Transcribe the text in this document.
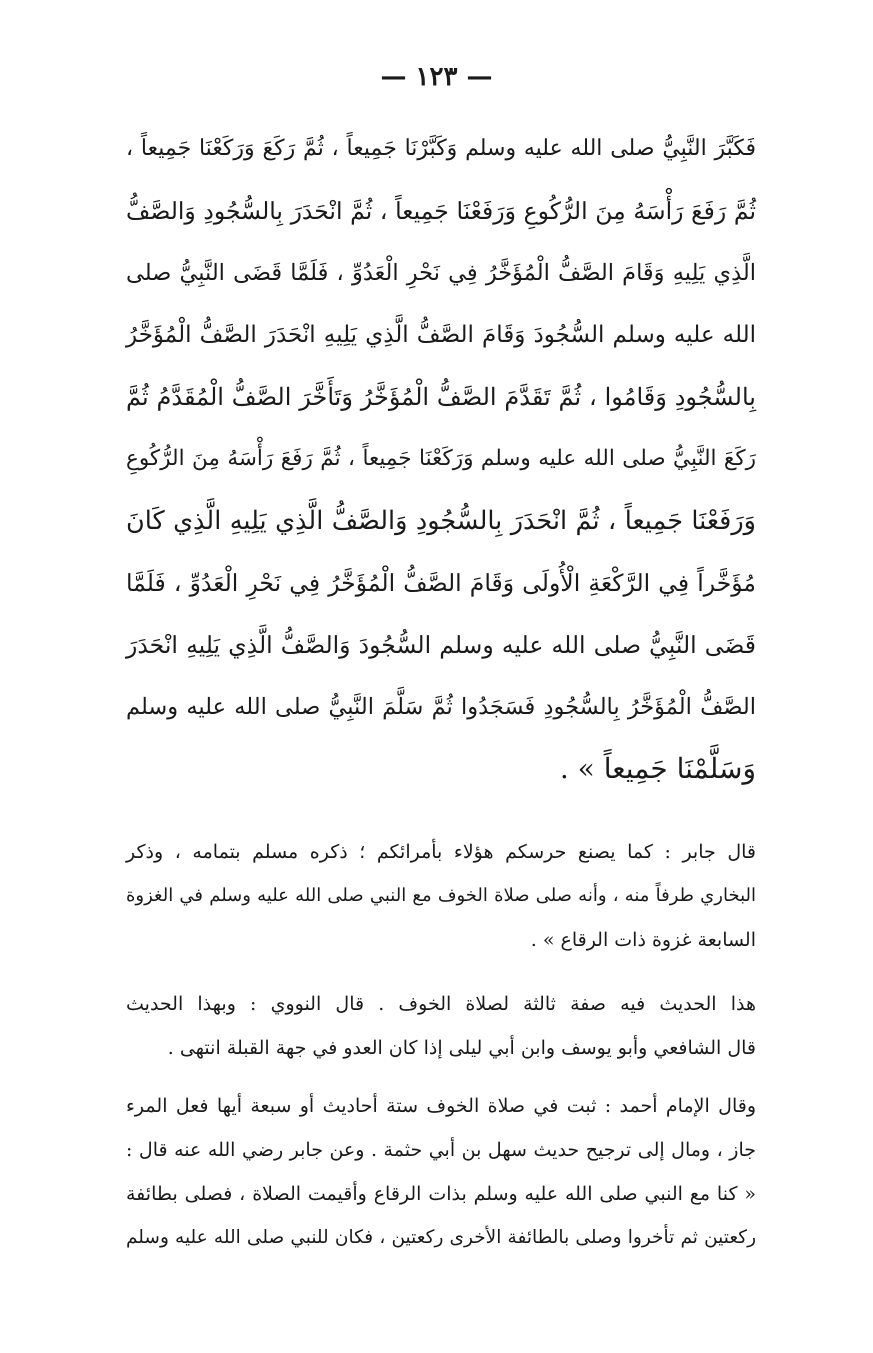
— ١٢٣ —

فَكَبَّرَ النَّبِيُّ صلى الله عليه وسلم وَكَبَّرْنَا جَمِيعاً ، ثُمَّ رَكَعَ وَرَكَعْنَا جَمِيعاً ،
ثُمَّ رَفَعَ رَأْسَهُ مِنَ الرُّكُوعِ وَرَفَعْنَا جَمِيعاً ، ثُمَّ انْحَدَرَ بِالسُّجُودِ وَالصَّفُّ
الَّذِي يَلِيهِ وَقَامَ الصَّفُّ الْمُؤَخَّرُ فِي نَحْرِ الْعَدُوِّ ، فَلَمَّا قَضَى النَّبِيُّ صلى
الله عليه وسلم السُّجُودَ وَقَامَ الصَّفُّ الَّذِي يَلِيهِ انْحَدَرَ الصَّفُّ الْمُؤَخَّرُ
بِالسُّجُودِ وَقَامُوا ، ثُمَّ تَقَدَّمَ الصَّفُّ الْمُؤَخَّرُ وَتَأَخَّرَ الصَّفُّ الْمُقَدَّمُ ثُمَّ
رَكَعَ النَّبِيُّ صلى الله عليه وسلم وَرَكَعْنَا جَمِيعاً ، ثُمَّ رَفَعَ رَأْسَهُ مِنَ الرُّكُوعِ
وَرَفَعْنَا جَمِيعاً ، ثُمَّ انْحَدَرَ بِالسُّجُودِ وَالصَّفُّ الَّذِي يَلِيهِ الَّذِي كَانَ
مُؤَخَّراً فِي الرَّكْعَةِ الْأُولَى وَقَامَ الصَّفُّ الْمُؤَخَّرُ فِي نَحْرِ الْعَدُوِّ ، فَلَمَّا
قَضَى النَّبِيُّ صلى الله عليه وسلم السُّجُودَ وَالصَّفُّ الَّذِي يَلِيهِ انْحَدَرَ
الصَّفُّ الْمُؤَخَّرُ بِالسُّجُودِ فَسَجَدُوا ثُمَّ سَلَّمَ النَّبِيُّ صلى الله عليه وسلم
وَسَلَّمْنَا جَمِيعاً » .

قال جابر : كما يصنع حرسكم هؤلاء بأمرائكم ؛ ذكره مسلم بتمامه ، وذكر
البخاري طرفاً منه ، وأنه صلى صلاة الخوف مع النبي صلى الله عليه وسلم في الغزوة
السابعة غزوة ذات الرقاع » .

هذا الحديث فيه صفة ثالثة لصلاة الخوف . قال النووي : وبهذا الحديث
قال الشافعي وأبو يوسف وابن أبي ليلى إذا كان العدو في جهة القبلة انتهى .

وقال الإمام أحمد : ثبت في صلاة الخوف ستة أحاديث أو سبعة أيها فعل المرء
جاز ، ومال إلى ترجيح حديث سهل بن أبي حثمة . وعن جابر رضي الله عنه قال :
« كنا مع النبي صلى الله عليه وسلم بذات الرقاع وأقيمت الصلاة ، فصلى بطائفة
ركعتين ثم تأخروا وصلى بالطائفة الأخرى ركعتين ، فكان للنبي صلى الله عليه وسلم
